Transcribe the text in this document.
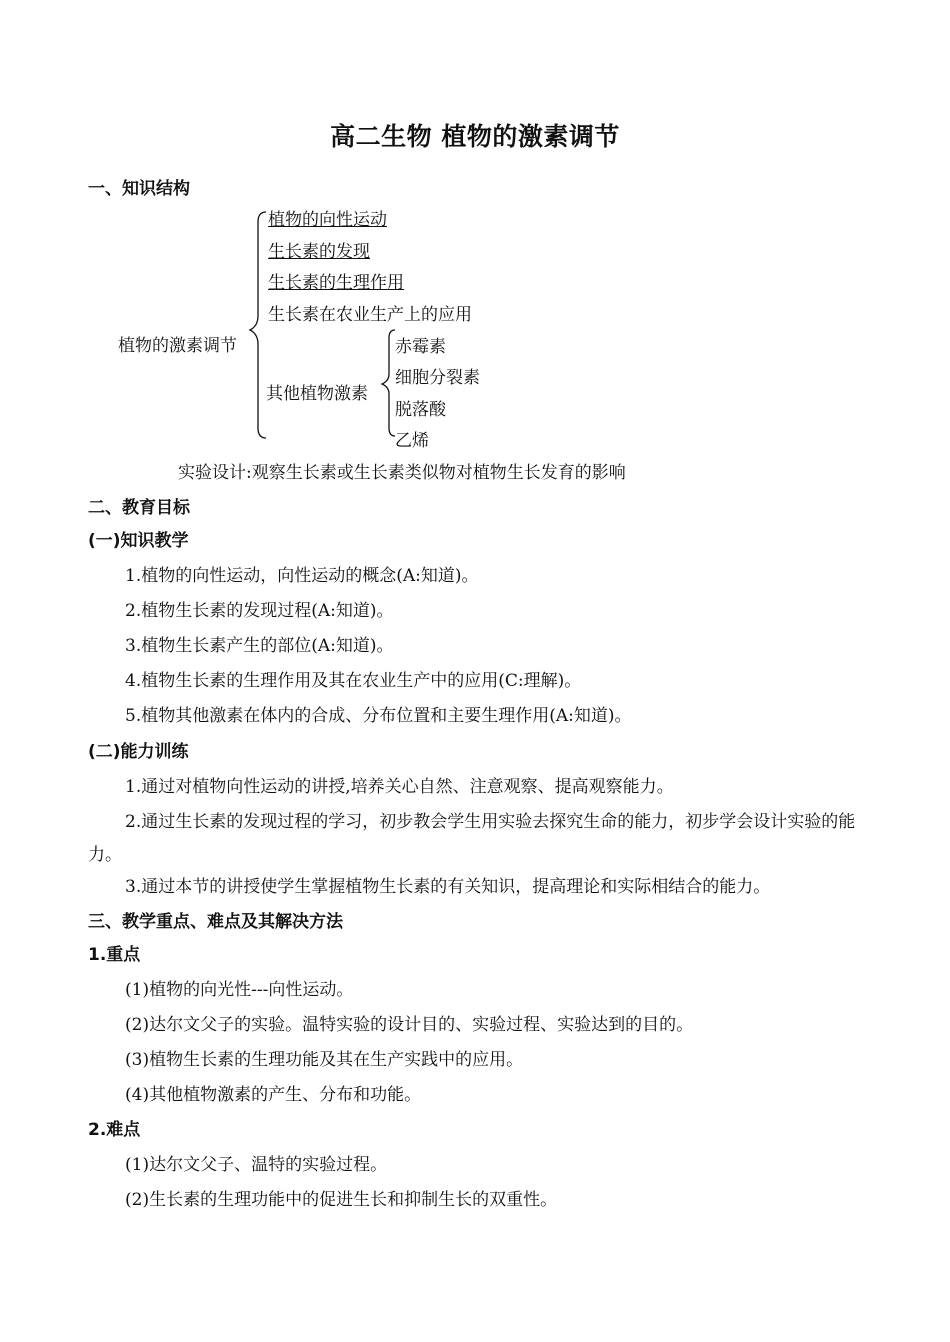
高二生物 植物的激素调节
一、知识结构
植物的激素调节
植物的向性运动
生长素的发现
生长素的生理作用
生长素在农业生产上的应用
其他植物激素
赤霉素
细胞分裂素
脱落酸
乙烯
实验设计:观察生长素或生长素类似物对植物生长发育的影响
二、教育目标
(一)知识教学
1.植物的向性运动，向性运动的概念(A:知道)。
2.植物生长素的发现过程(A:知道)。
3.植物生长素产生的部位(A:知道)。
4.植物生长素的生理作用及其在农业生产中的应用(C:理解)。
5.植物其他激素在体内的合成、分布位置和主要生理作用(A:知道)。
(二)能力训练
1.通过对植物向性运动的讲授,培养关心自然、注意观察、提高观察能力。
2.通过生长素的发现过程的学习，初步教会学生用实验去探究生命的能力，初步学会设计实验的能力。
3.通过本节的讲授使学生掌握植物生长素的有关知识，提高理论和实际相结合的能力。
三、教学重点、难点及其解决方法
1.重点
(1)植物的向光性---向性运动。
(2)达尔文父子的实验。温特实验的设计目的、实验过程、实验达到的目的。
(3)植物生长素的生理功能及其在生产实践中的应用。
(4)其他植物激素的产生、分布和功能。
2.难点
(1)达尔文父子、温特的实验过程。
(2)生长素的生理功能中的促进生长和抑制生长的双重性。
